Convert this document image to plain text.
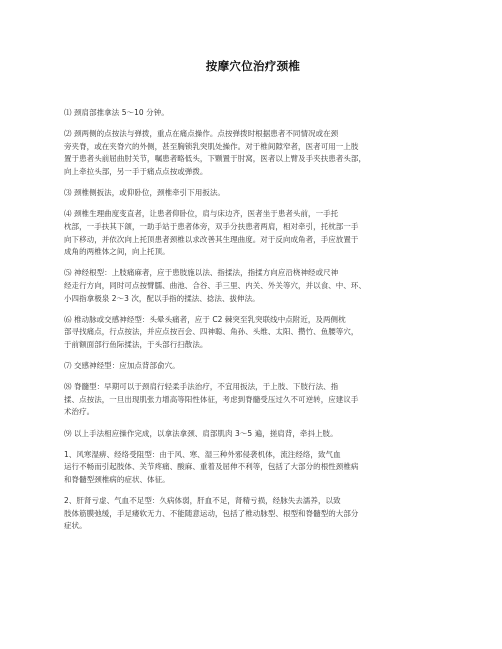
按摩穴位治疗颈椎

⑴ 颈肩部推拿法 5～10 分钟。

⑵ 颈两侧的点按法与弹拨，重点在痛点操作。点按弹拨时根据患者不同情况或在颈
旁夹脊，或在夹脊穴的外侧，甚至胸锁乳突肌处操作。对于椎间隙窄者，医者可用一上肢
置于患者头前屈曲肘关节，嘱患者略低头，下颗置于肘窝，医者以上臂及手夹扶患者头部，
向上牵拉头部，另一手于痛点点按或弹拨。

⑶ 颈椎侧扳法，或仰卧位，颈椎牵引下用扳法。

⑷ 颈椎生理曲度变直者，让患者仰卧位，肩与床边齐，医者坐于患者头前，一手托
枕部，一手扶其下颌，一助手站于患者体旁，双手分扶患者两肩，相对牵引，托枕部一手
向下移动，并依次向上托顶患者颈椎以求改善其生理曲度。对于反向成角者，手应放置于
成角的两椎体之间，向上托顶。

⑸ 神经根型：上肢痛麻者，应于患肢施以法、指揉法，指揉方向应沿桡神经或尺神
经走行方向，同时可点按臂臑、曲池、合谷、手三里、内关、外关等穴，并以食、中、环、
小四指拿极泉 2～3 次，配以手指的揉法、捻法、拔伸法。

⑹ 椎动脉或交感神经型：头晕头痛者，应于 C2 棘突至乳突联线中点附近，及两侧枕
部寻找痛点，行点按法，并应点按百会、四神聪、角孙、头维、太阳、攒竹、鱼腰等穴，
于前额面部行鱼际揉法，于头部行扫散法。

⑺ 交感神经型：应加点背部俞穴。

⑻ 脊髓型：早期可以于颈肩行轻柔手法治疗，不宜用扳法，于上肢、下肢行法、指
揉、点按法，一旦出现肌张力增高等阳性体征，考虑到脊髓受压过久不可逆转，应建议手
术治疗。

⑼ 以上手法相应操作完成，以拿法拿颈、肩部肌肉 3～5 遍，搓肩背，牵抖上肢。

1、风寒湿痹、经络受阻型：由于风、寒、湿三种外邪侵袭机体，流注经络，致气血
运行不畅而引起肢体、关节疼痛、酸麻、重着及屈伸不利等，包括了大部分的根性颈椎病
和脊髓型颈椎病的症状、体征。

2、肝肾亏虚、气血不足型：久病体弱，肝血不足，肾精亏损，经脉失去濡养，以致
肢体筋膜弛缓，手足痿软无力、不能随意运动，包括了椎动脉型、根型和脊髓型的大部分
症状。
